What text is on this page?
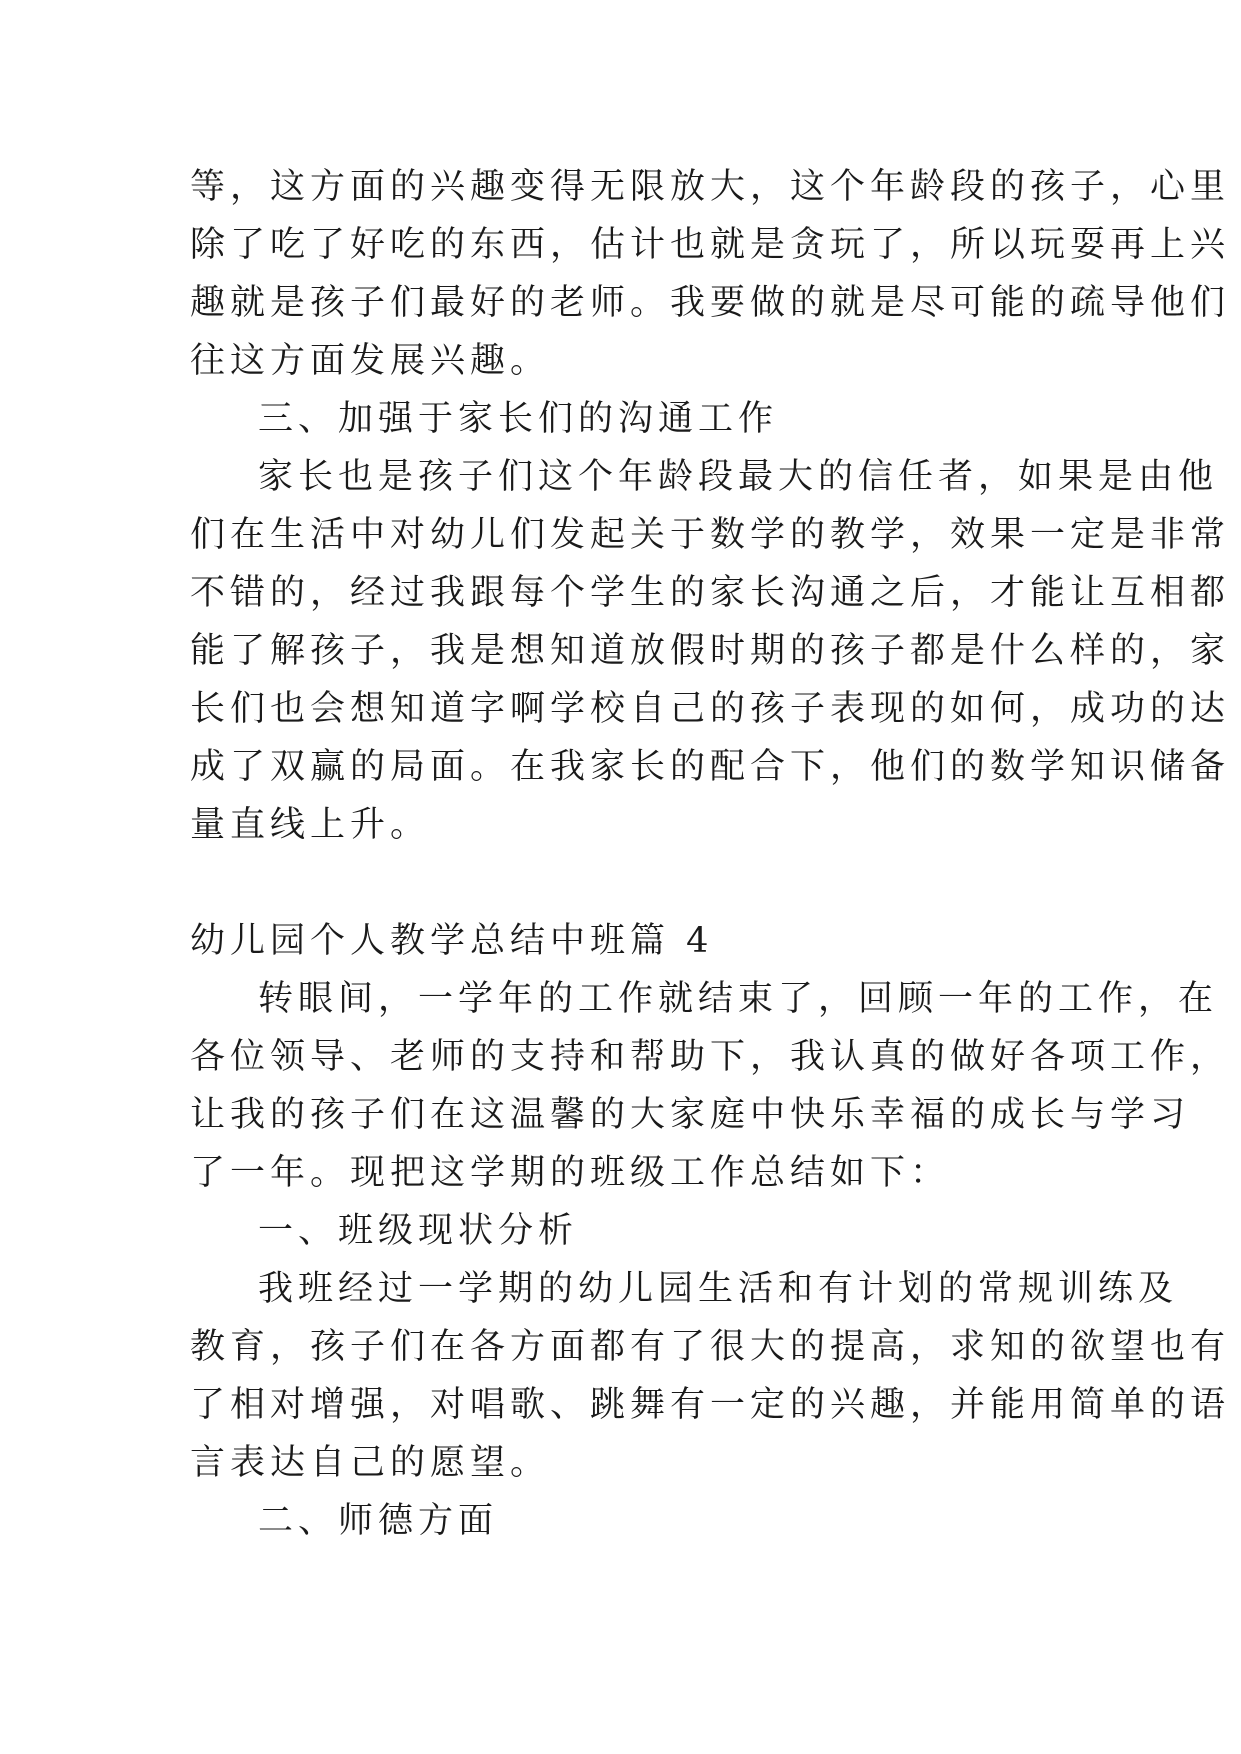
等，这方面的兴趣变得无限放大，这个年龄段的孩子，心里
除了吃了好吃的东西，估计也就是贪玩了，所以玩耍再上兴
趣就是孩子们最好的老师。我要做的就是尽可能的疏导他们
往这方面发展兴趣。
三、加强于家长们的沟通工作
家长也是孩子们这个年龄段最大的信任者，如果是由他
们在生活中对幼儿们发起关于数学的教学，效果一定是非常
不错的，经过我跟每个学生的家长沟通之后，才能让互相都
能了解孩子，我是想知道放假时期的孩子都是什么样的，家
长们也会想知道字啊学校自己的孩子表现的如何，成功的达
成了双赢的局面。在我家长的配合下，他们的数学知识储备
量直线上升。
幼儿园个人教学总结中班篇 4
转眼间，一学年的工作就结束了，回顾一年的工作，在
各位领导、老师的支持和帮助下，我认真的做好各项工作，
让我的孩子们在这温馨的大家庭中快乐幸福的成长与学习
了一年。现把这学期的班级工作总结如下：
一、班级现状分析
我班经过一学期的幼儿园生活和有计划的常规训练及
教育，孩子们在各方面都有了很大的提高，求知的欲望也有
了相对增强，对唱歌、跳舞有一定的兴趣，并能用简单的语
言表达自己的愿望。
二、师德方面
